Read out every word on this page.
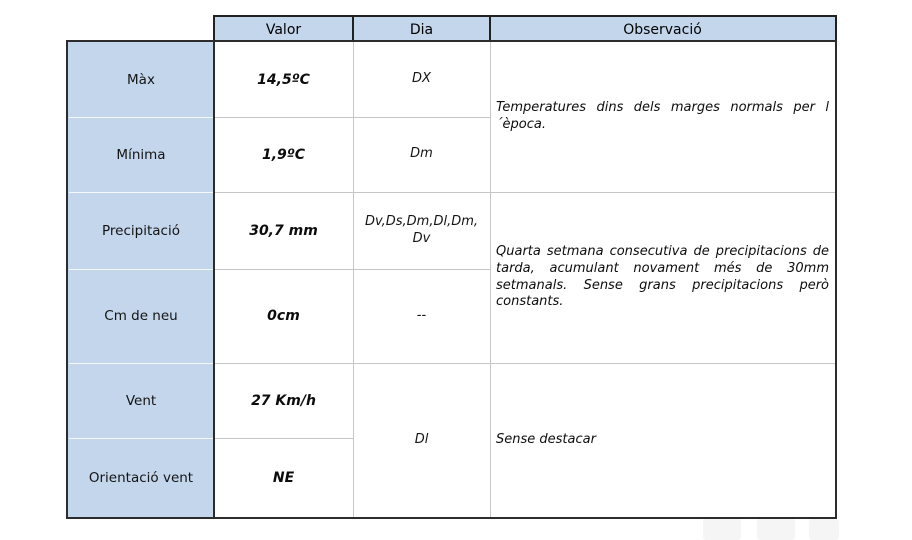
Valor	Dia	Observació
Màx
Mínima
Precipitació
Cm de neu
Vent
Orientació vent
14,5ºC
1,9ºC
30,7 mm
0cm
27 Km/h
NE
DX
Dm
Dv,Ds,Dm,Dl,Dm, Dv
--
Dl
Temperatures dins dels marges normals per l´època.
Quarta setmana consecutiva de precipitacions de tarda, acumulant novament més de 30mm setmanals. Sense grans precipitacions però constants.
Sense destacar
